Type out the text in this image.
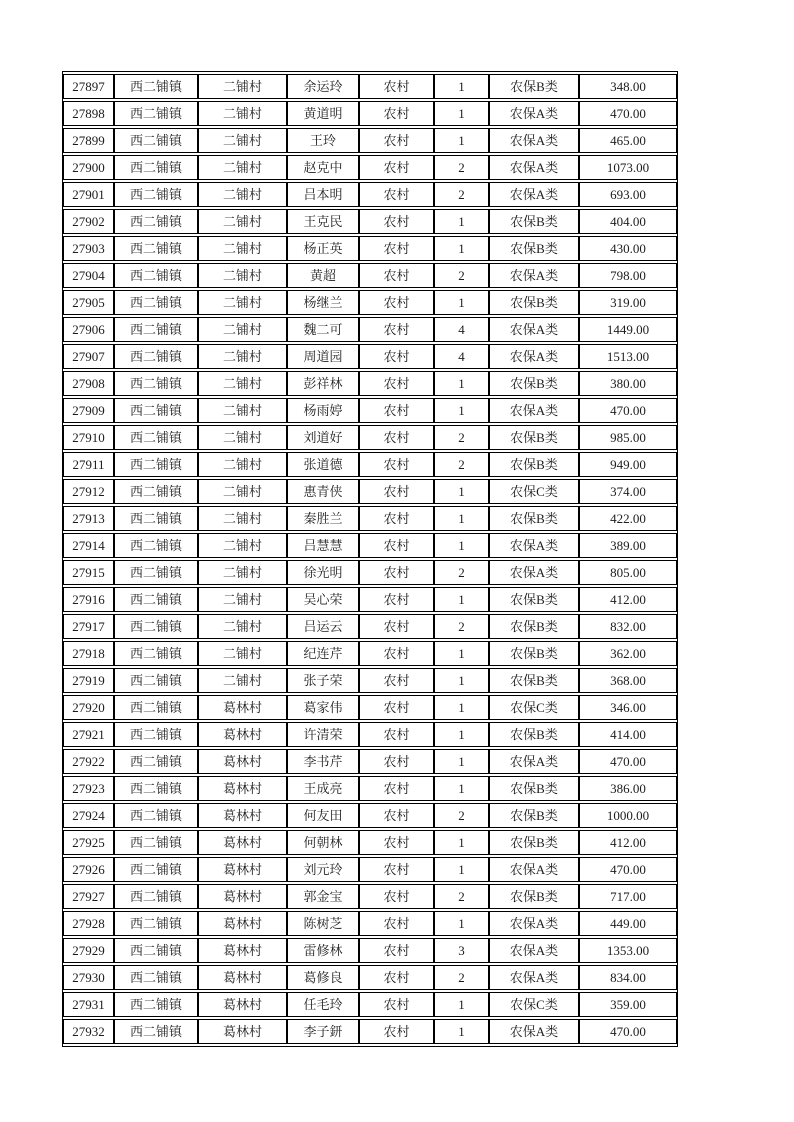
27897	西二铺镇	二铺村	余运玲	农村	1	农保B类	348.00
27898	西二铺镇	二铺村	黄道明	农村	1	农保A类	470.00
27899	西二铺镇	二铺村	王玲	农村	1	农保A类	465.00
27900	西二铺镇	二铺村	赵克中	农村	2	农保A类	1073.00
27901	西二铺镇	二铺村	吕本明	农村	2	农保A类	693.00
27902	西二铺镇	二铺村	王克民	农村	1	农保B类	404.00
27903	西二铺镇	二铺村	杨正英	农村	1	农保B类	430.00
27904	西二铺镇	二铺村	黄超	农村	2	农保A类	798.00
27905	西二铺镇	二铺村	杨继兰	农村	1	农保B类	319.00
27906	西二铺镇	二铺村	魏二可	农村	4	农保A类	1449.00
27907	西二铺镇	二铺村	周道园	农村	4	农保A类	1513.00
27908	西二铺镇	二铺村	彭祥林	农村	1	农保B类	380.00
27909	西二铺镇	二铺村	杨雨婷	农村	1	农保A类	470.00
27910	西二铺镇	二铺村	刘道好	农村	2	农保B类	985.00
27911	西二铺镇	二铺村	张道德	农村	2	农保B类	949.00
27912	西二铺镇	二铺村	惠青侠	农村	1	农保C类	374.00
27913	西二铺镇	二铺村	秦胜兰	农村	1	农保B类	422.00
27914	西二铺镇	二铺村	吕慧慧	农村	1	农保A类	389.00
27915	西二铺镇	二铺村	徐光明	农村	2	农保A类	805.00
27916	西二铺镇	二铺村	吴心荣	农村	1	农保B类	412.00
27917	西二铺镇	二铺村	吕运云	农村	2	农保B类	832.00
27918	西二铺镇	二铺村	纪连芹	农村	1	农保B类	362.00
27919	西二铺镇	二铺村	张子荣	农村	1	农保B类	368.00
27920	西二铺镇	葛林村	葛家伟	农村	1	农保C类	346.00
27921	西二铺镇	葛林村	许清荣	农村	1	农保B类	414.00
27922	西二铺镇	葛林村	李书芹	农村	1	农保A类	470.00
27923	西二铺镇	葛林村	王成亮	农村	1	农保B类	386.00
27924	西二铺镇	葛林村	何友田	农村	2	农保B类	1000.00
27925	西二铺镇	葛林村	何朝林	农村	1	农保B类	412.00
27926	西二铺镇	葛林村	刘元玲	农村	1	农保A类	470.00
27927	西二铺镇	葛林村	郭金宝	农村	2	农保B类	717.00
27928	西二铺镇	葛林村	陈树芝	农村	1	农保A类	449.00
27929	西二铺镇	葛林村	雷修林	农村	3	农保A类	1353.00
27930	西二铺镇	葛林村	葛修良	农村	2	农保A类	834.00
27931	西二铺镇	葛林村	任毛玲	农村	1	农保C类	359.00
27932	西二铺镇	葛林村	李子鈃	农村	1	农保A类	470.00
